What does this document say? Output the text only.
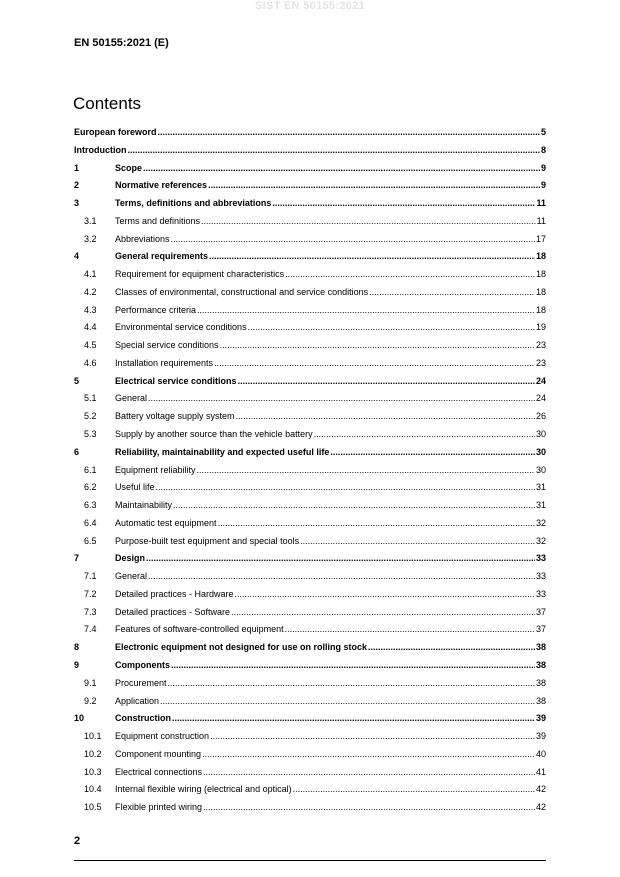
SIST EN 50155:2021
EN 50155:2021 (E)
Contents
European foreword .....	5
Introduction .....	8
1	Scope .....	9
2	Normative references .....	9
3	Terms, definitions and abbreviations .....	11
3.1	Terms and definitions .....	11
3.2	Abbreviations .....	17
4	General requirements .....	18
4.1	Requirement for equipment characteristics .....	18
4.2	Classes of environmental, constructional and service conditions .....	18
4.3	Performance criteria .....	18
4.4	Environmental service conditions .....	19
4.5	Special service conditions .....	23
4.6	Installation requirements .....	23
5	Electrical service conditions .....	24
5.1	General .....	24
5.2	Battery voltage supply system .....	26
5.3	Supply by another source than the vehicle battery .....	30
6	Reliability, maintainability and expected useful life .....	30
6.1	Equipment reliability .....	30
6.2	Useful life .....	31
6.3	Maintainability .....	31
6.4	Automatic test equipment .....	32
6.5	Purpose-built test equipment and special tools .....	32
7	Design .....	33
7.1	General .....	33
7.2	Detailed practices - Hardware .....	33
7.3	Detailed practices - Software .....	37
7.4	Features of software-controlled equipment .....	37
8	Electronic equipment not designed for use on rolling stock .....	38
9	Components .....	38
9.1	Procurement .....	38
9.2	Application .....	38
10	Construction .....	39
10.1	Equipment construction .....	39
10.2	Component mounting .....	40
10.3	Electrical connections .....	41
10.4	Internal flexible wiring (electrical and optical) .....	42
10.5	Flexible printed wiring .....	42
2
